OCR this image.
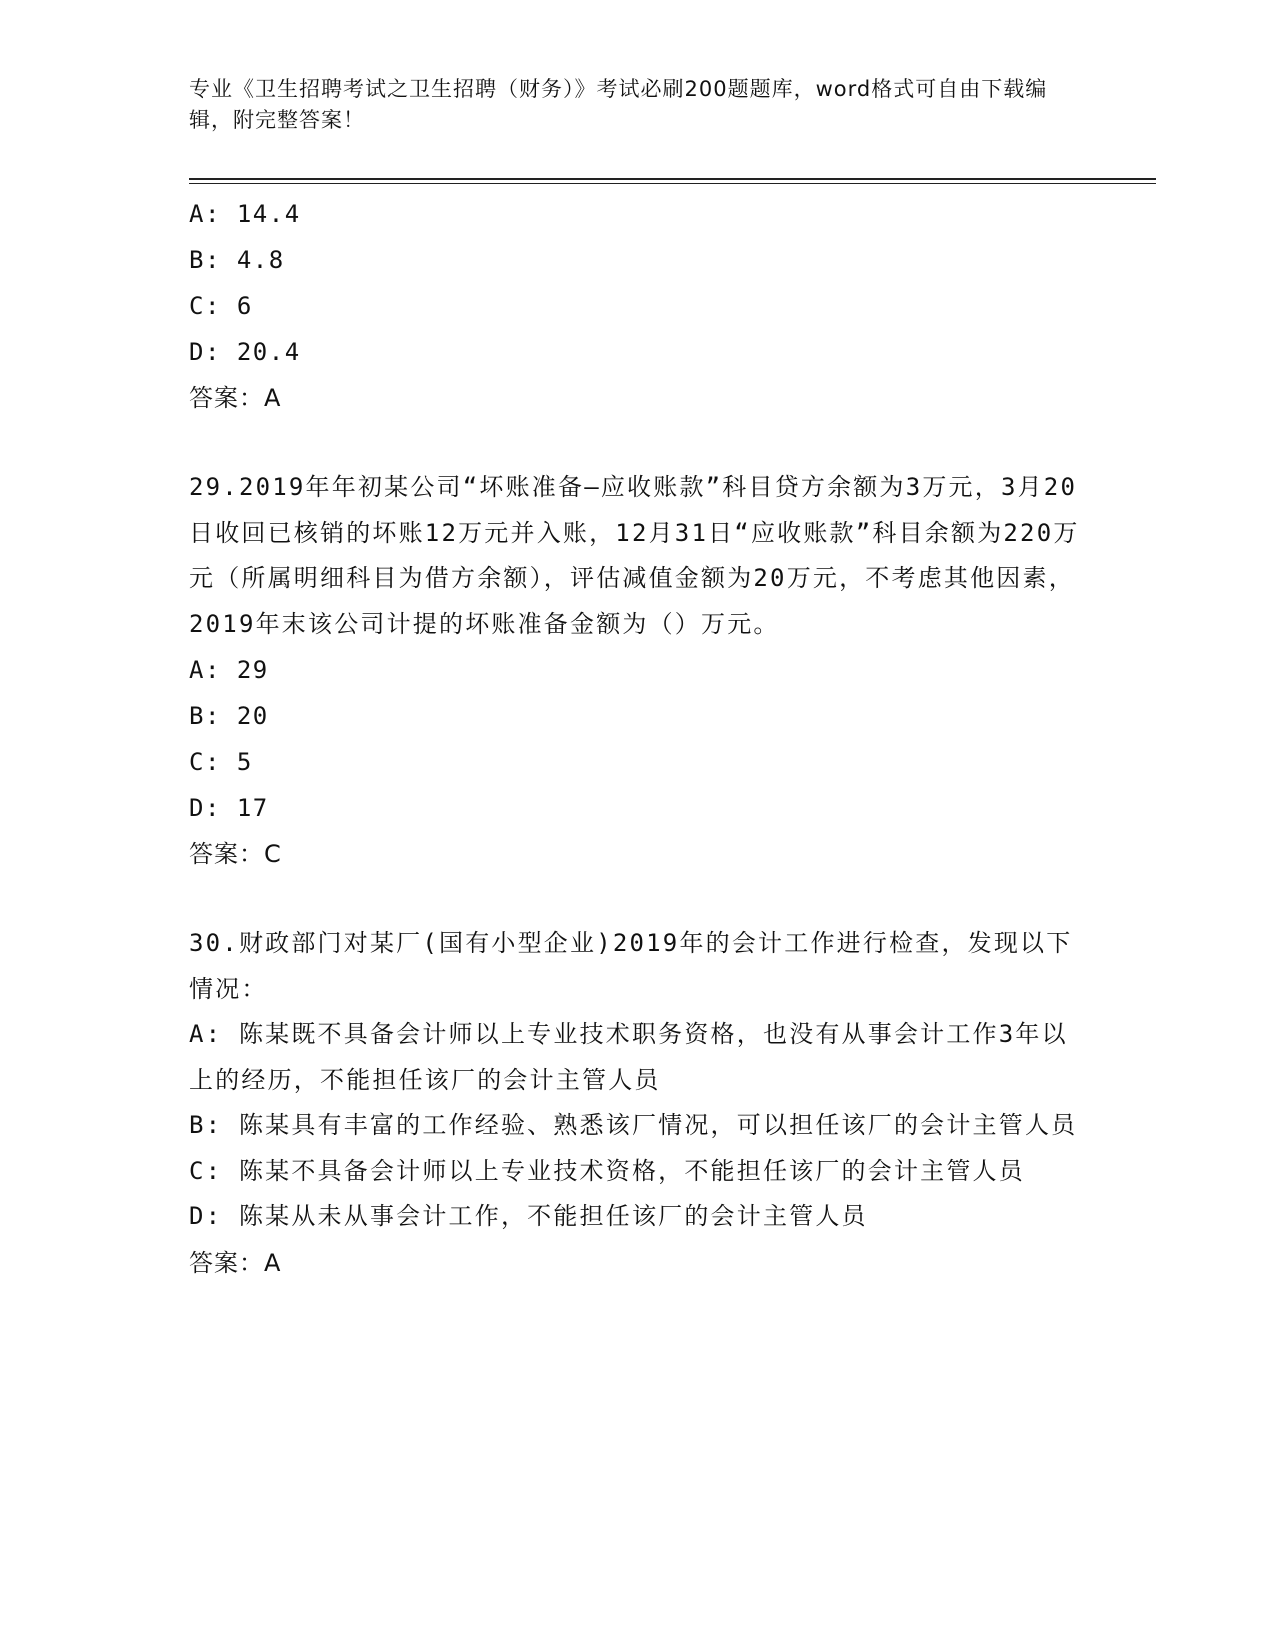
专业《卫生招聘考试之卫生招聘（财务）》考试必刷200题题库，word格式可自由下载编辑，附完整答案！
A: 14.4
B: 4.8
C: 6
D: 20.4
答案：A
29.2019年年初某公司“坏账准备—应收账款”科目贷方余额为3万元，3月20日收回已核销的坏账12万元并入账，12月31日“应收账款”科目余额为220万元（所属明细科目为借方余额），评估减值金额为20万元，不考虑其他因素，2019年末该公司计提的坏账准备金额为（）万元。
A: 29
B: 20
C: 5
D: 17
答案：C
30.财政部门对某厂(国有小型企业)2019年的会计工作进行检查，发现以下情况：
A: 陈某既不具备会计师以上专业技术职务资格，也没有从事会计工作3年以上的经历，不能担任该厂的会计主管人员
B: 陈某具有丰富的工作经验、熟悉该厂情况，可以担任该厂的会计主管人员
C: 陈某不具备会计师以上专业技术资格，不能担任该厂的会计主管人员
D: 陈某从未从事会计工作，不能担任该厂的会计主管人员
答案：A
